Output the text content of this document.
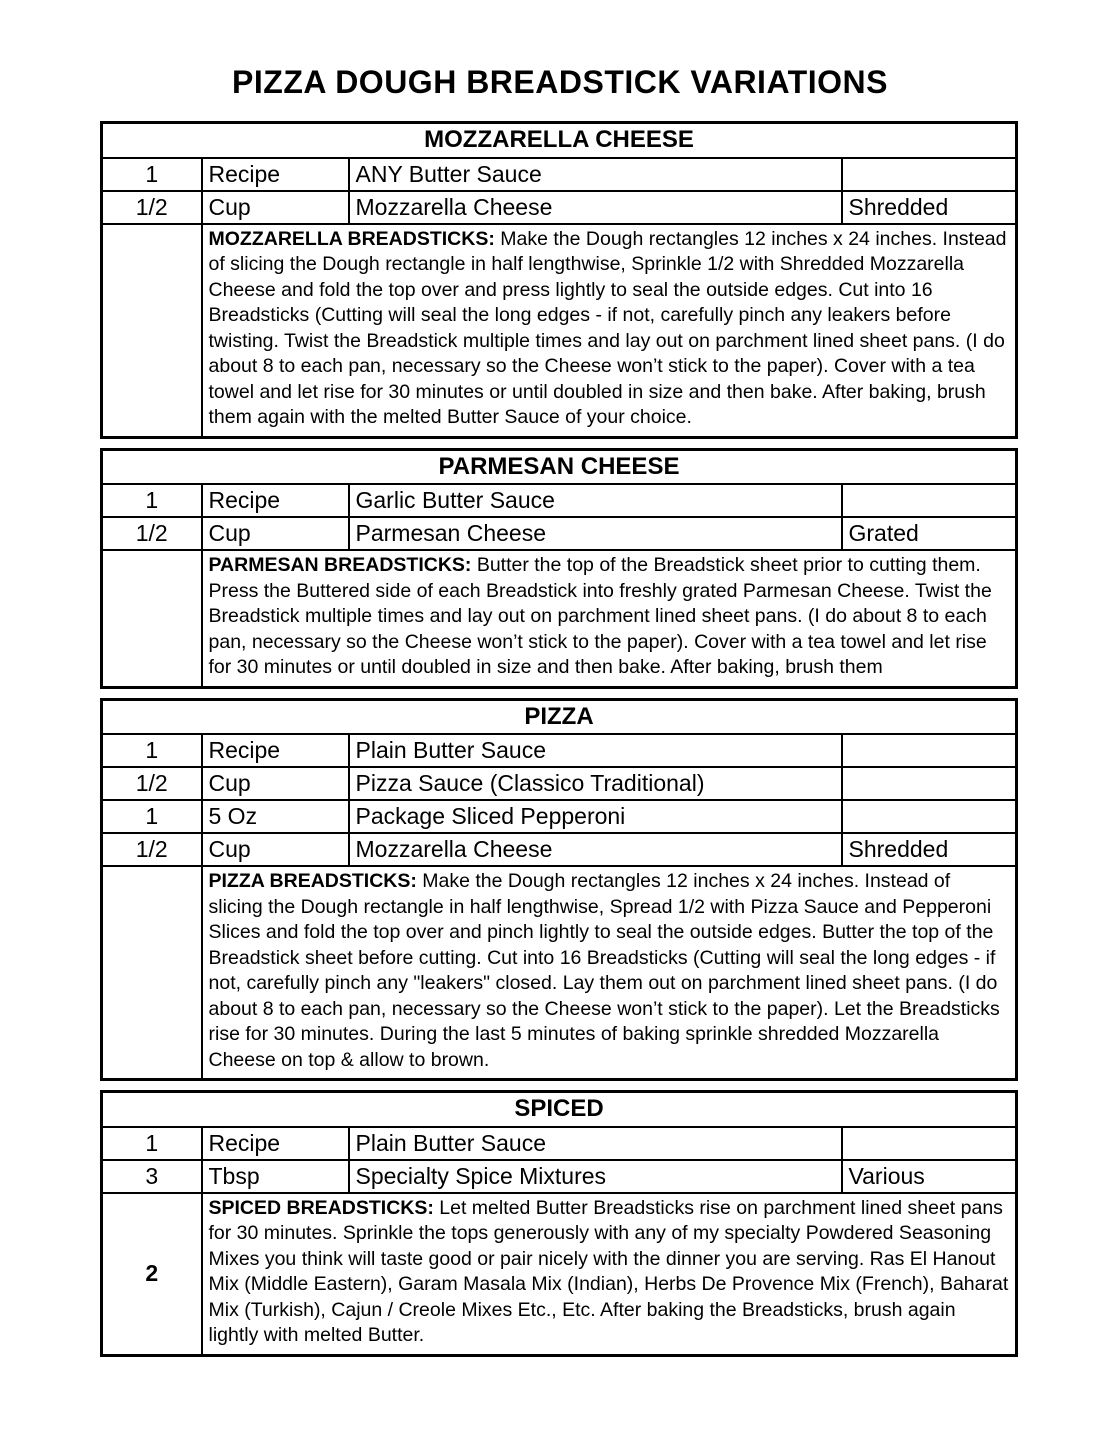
PIZZA DOUGH BREADSTICK VARIATIONS
MOZZARELLA CHEESE			
1	Recipe	ANY Butter Sauce	
1/2	Cup	Mozzarella Cheese	Shredded
	MOZZARELLA BREADSTICKS: Make the Dough rectangles 12 inches x 24 inches. Instead of slicing the Dough rectangle in half lengthwise, Sprinkle 1/2 with Shredded Mozzarella Cheese and fold the top over and press lightly to seal the outside edges. Cut into 16 Breadsticks (Cutting will seal the long edges - if not, carefully pinch any leakers before twisting. Twist the Breadstick multiple times and lay out on parchment lined sheet pans. (I do about 8 to each pan, necessary so the Cheese won’t stick to the paper). Cover with a tea towel and let rise for 30 minutes or until doubled in size and then bake. After baking, brush them again with the melted Butter Sauce of your choice.		
PARMESAN CHEESE			
1	Recipe	Garlic Butter Sauce	
1/2	Cup	Parmesan Cheese	Grated
	PARMESAN BREADSTICKS: Butter the top of the Breadstick sheet prior to cutting them. Press the Buttered side of each Breadstick into freshly grated Parmesan Cheese. Twist the Breadstick multiple times and lay out on parchment lined sheet pans. (I do about 8 to each pan, necessary so the Cheese won’t stick to the paper). Cover with a tea towel and let rise for 30 minutes or until doubled in size and then bake. After baking, brush them		
PIZZA			
1	Recipe	Plain Butter Sauce	
1/2	Cup	Pizza Sauce (Classico Traditional)	
1	5 Oz	Package Sliced Pepperoni	
1/2	Cup	Mozzarella Cheese	Shredded
	PIZZA BREADSTICKS: Make the Dough rectangles 12 inches x 24 inches. Instead of slicing the Dough rectangle in half lengthwise, Spread 1/2 with Pizza Sauce and Pepperoni Slices and fold the top over and pinch lightly to seal the outside edges. Butter the top of the Breadstick sheet before cutting. Cut into 16 Breadsticks (Cutting will seal the long edges - if not, carefully pinch any "leakers" closed. Lay them out on parchment lined sheet pans. (I do about 8 to each pan, necessary so the Cheese won’t stick to the paper). Let the Breadsticks rise for 30 minutes. During the last 5 minutes of baking sprinkle shredded Mozzarella Cheese on top & allow to brown.		
SPICED			
1	Recipe	Plain Butter Sauce	
3	Tbsp	Specialty Spice Mixtures	Various
2	SPICED BREADSTICKS: Let melted Butter Breadsticks rise on parchment lined sheet pans for 30 minutes. Sprinkle the tops generously with any of my specialty Powdered Seasoning Mixes you think will taste good or pair nicely with the dinner you are serving. Ras El Hanout Mix (Middle Eastern), Garam Masala Mix (Indian), Herbs De Provence Mix (French), Baharat Mix (Turkish), Cajun / Creole Mixes Etc., Etc. After baking the Breadsticks, brush again lightly with melted Butter.		
